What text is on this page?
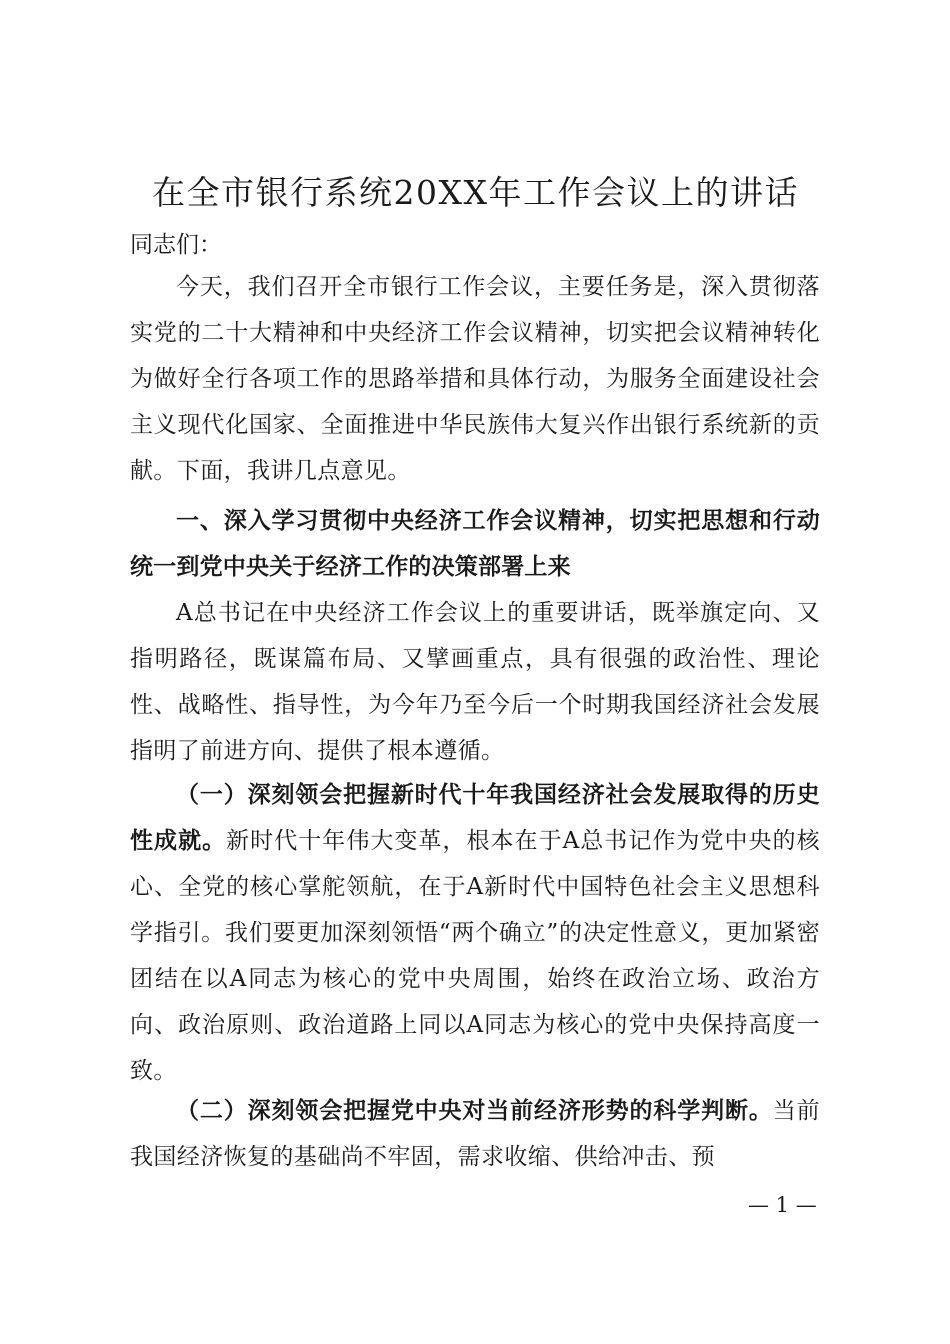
在全市银行系统20XX年工作会议上的讲话

同志们：

今天，我们召开全市银行工作会议，主要任务是，深入贯彻落实党的二十大精神和中央经济工作会议精神，切实把会议精神转化为做好全行各项工作的思路举措和具体行动，为服务全面建设社会主义现代化国家、全面推进中华民族伟大复兴作出银行系统新的贡献。下面，我讲几点意见。

一、深入学习贯彻中央经济工作会议精神，切实把思想和行动统一到党中央关于经济工作的决策部署上来

A总书记在中央经济工作会议上的重要讲话，既举旗定向、又指明路径，既谋篇布局、又擘画重点，具有很强的政治性、理论性、战略性、指导性，为今年乃至今后一个时期我国经济社会发展指明了前进方向、提供了根本遵循。

（一）深刻领会把握新时代十年我国经济社会发展取得的历史性成就。新时代十年伟大变革，根本在于A总书记作为党中央的核心、全党的核心掌舵领航，在于A新时代中国特色社会主义思想科学指引。我们要更加深刻领悟“两个确立”的决定性意义，更加紧密团结在以A同志为核心的党中央周围，始终在政治立场、政治方向、政治原则、政治道路上同以A同志为核心的党中央保持高度一致。

（二）深刻领会把握党中央对当前经济形势的科学判断。当前我国经济恢复的基础尚不牢固，需求收缩、供给冲击、预

— 1 —
